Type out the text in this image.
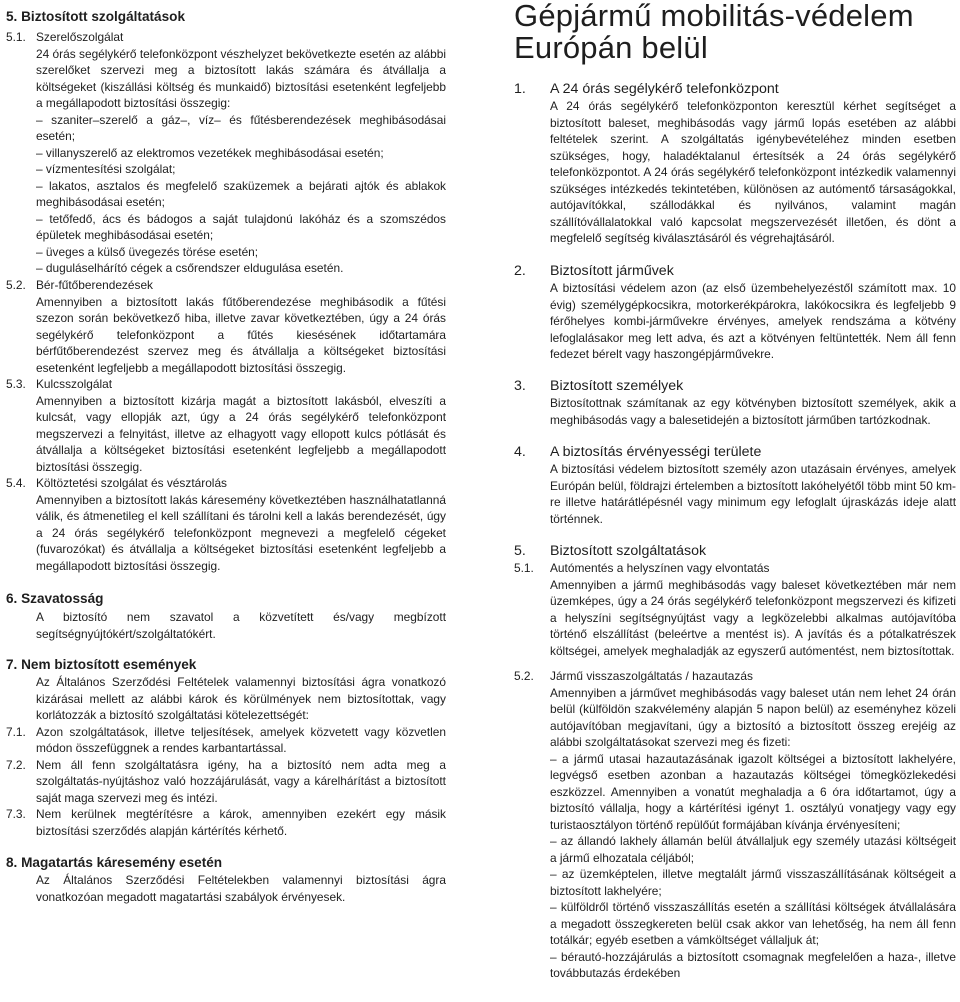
5. Biztosított szolgáltatások

5.1. Szerelőszolgálat

24 órás segélykérő telefonközpont vészhelyzet bekövetkezte esetén az alábbi szerelőket szervezi meg a biztosított lakás számára és átvállalja a költségeket (kiszállási költség és munkaidő) biztosítási esetenként legfeljebb a megállapodott biztosítási összegig:

– szaniter–szerelő a gáz–, víz– és fűtésberendezések meghibásodásai esetén;

– villanyszerelő az elektromos vezetékek meghibásodásai esetén;

– vízmentesítési szolgálat;

– lakatos, asztalos és megfelelő szaküzemek a bejárati ajtók és ablakok meghibásodásai esetén;

– tetőfedő, ács és bádogos a saját tulajdonú lakóház és a szomszédos épületek meghibásodásai esetén;

– üveges a külső üvegezés törése esetén;

– duguláselhárító cégek a csőrendszer eldugulása esetén.

5.2. Bér-fűtőberendezések

Amennyiben a biztosított lakás fűtőberendezése meghibásodik a fűtési szezon során bekövetkező hiba, illetve zavar következtében, úgy a 24 órás segélykérő telefonközpont a fűtés kiesésének időtartamára bérfűtőberendezést szervez meg és átvállalja a költségeket biztosítási esetenként legfeljebb a megállapodott biztosítási összegig.

5.3. Kulcsszolgálat

Amennyiben a biztosított kizárja magát a biztosított lakásból, elveszíti a kulcsát, vagy ellopják azt, úgy a 24 órás segélykérő telefonközpont megszervezi a felnyitást, illetve az elhagyott vagy ellopott kulcs pótlását és átvállalja a költségeket biztosítási esetenként legfeljebb a megállapodott biztosítási összegig.

5.4. Költöztetési szolgálat és vésztárolás

Amennyiben a biztosított lakás káresemény következtében használhatatlanná válik, és átmenetileg el kell szállítani és tárolni kell a lakás berendezését, úgy a 24 órás segélykérő telefonközpont megnevezi a megfelelő cégeket (fuvarozókat) és átvállalja a költségeket biztosítási esetenként legfeljebb a megállapodott biztosítási összegig.

6. Szavatosság

A biztosító nem szavatol a közvetített és/vagy megbízott segítségnyújtókért/szolgáltatókért.

7. Nem biztosított események

Az Általános Szerződési Feltételek valamennyi biztosítási ágra vonatkozó kizárásai mellett az alábbi károk és körülmények nem biztosítottak, vagy korlátozzák a biztosító szolgáltatási kötelezettségét:

7.1. Azon szolgáltatások, illetve teljesítések, amelyek közvetett vagy közvetlen módon összefüggnek a rendes karbantartással.

7.2. Nem áll fenn szolgáltatásra igény, ha a biztosító nem adta meg a szolgáltatás-nyújtáshoz való hozzájárulását, vagy a kárelhárítást a biztosított saját maga szervezi meg és intézi.

7.3. Nem kerülnek megtérítésre a károk, amennyiben ezekért egy másik biztosítási szerződés alapján kártérítés kérhető.

8. Magatartás káresemény esetén

Az Általános Szerződési Feltételekben valamennyi biztosítási ágra vonatkozóan megadott magatartási szabályok érvényesek.

Gépjármű mobilitás-védelem

Európán belül

1. A 24 órás segélykérő telefonközpont

A 24 órás segélykérő telefonközponton keresztül kérhet segítséget a biztosított baleset, meghibásodás vagy jármű lopás esetében az alábbi feltételek szerint. A szolgáltatás igénybevételéhez minden esetben szükséges, hogy, haladéktalanul értesítsék a 24 órás segélykérő telefonközpontot. A 24 órás segélykérő telefonközpont intézkedik valamennyi szükséges intézkedés tekintetében, különösen az autómentő társaságokkal, autójavítókkal, szállodákkal és nyilvános, valamint magán szállítóvállalatokkal való kapcsolat megszervezését illetően, és dönt a megfelelő segítség kiválasztásáról és végrehajtásáról.

2. Biztosított járművek

A biztosítási védelem azon (az első üzembehelyezéstől számított max. 10 évig) személygépkocsikra, motorkerékpárokra, lakókocsikra és legfeljebb 9 férőhelyes kombi-járművekre érvényes, amelyek rendszáma a kötvény lefoglalásakor meg lett adva, és azt a kötvényen feltüntették. Nem áll fenn fedezet bérelt vagy haszongépjárművekre.

3. Biztosított személyek

Biztosítottnak számítanak az egy kötvényben biztosított személyek, akik a meghibásodás vagy a balesetidején a biztosított járműben tartózkodnak.

4. A biztosítás érvényességi területe

A biztosítási védelem biztosított személy azon utazásain érvényes, amelyek Európán belül, földrajzi értelemben a biztosított lakóhelyétől több mint 50 km-re illetve határátlépésnél vagy minimum egy lefoglalt újraskázás ideje alatt történnek.

5. Biztosított szolgáltatások
5.1. Autómentés a helyszínen vagy elvontatás

Amennyiben a jármű meghibásodás vagy baleset következtében már nem üzemképes, úgy a 24 órás segélykérő telefonközpont megszervezi és kifizeti a helyszíni segítségnyújtást vagy a legközelebbi alkalmas autójavítóba történő elszállítást (beleértve a mentést is). A javítás és a pótalkatrészek költségei, amelyek meghaladják az egyszerű autómentést, nem biztosítottak.

5.2. Jármű visszaszolgáltatás / hazautazás

Amennyiben a járművet meghibásodás vagy baleset után nem lehet 24 órán belül (külföldön szakvélemény alapján 5 napon belül) az eseményhez közeli autójavítóban megjavítani, úgy a biztosító a biztosított összeg erejéig az alábbi szolgáltatásokat szervezi meg és fizeti:

– a jármű utasai hazautazásának igazolt költségei a biztosított lakhelyére, legvégső esetben azonban a hazautazás költségei tömegközlekedési eszközzel. Amennyiben a vonatút meghaladja a 6 óra időtartamot, úgy a biztosító vállalja, hogy a kártérítési igényt 1. osztályú vonatjegy vagy egy turistaosztályon történő repülőút formájában kívánja érvényesíteni;

– az állandó lakhely államán belül átvállaljuk egy személy utazási költségeit a jármű elhozatala céljából;

– az üzemképtelen, illetve megtalált jármű visszaszállításának költségeit a biztosított lakhelyére;

– külföldről történő visszaszállítás esetén a szállítási költségek átvállalására a megadott összegkereten belül csak akkor van lehetőség, ha nem áll fenn totálkár; egyéb esetben a vámköltséget vállaljuk át;

– bérautó-hozzájárulás a biztosított csomagnak megfelelően a haza-, illetve továbbutazás érdekében
